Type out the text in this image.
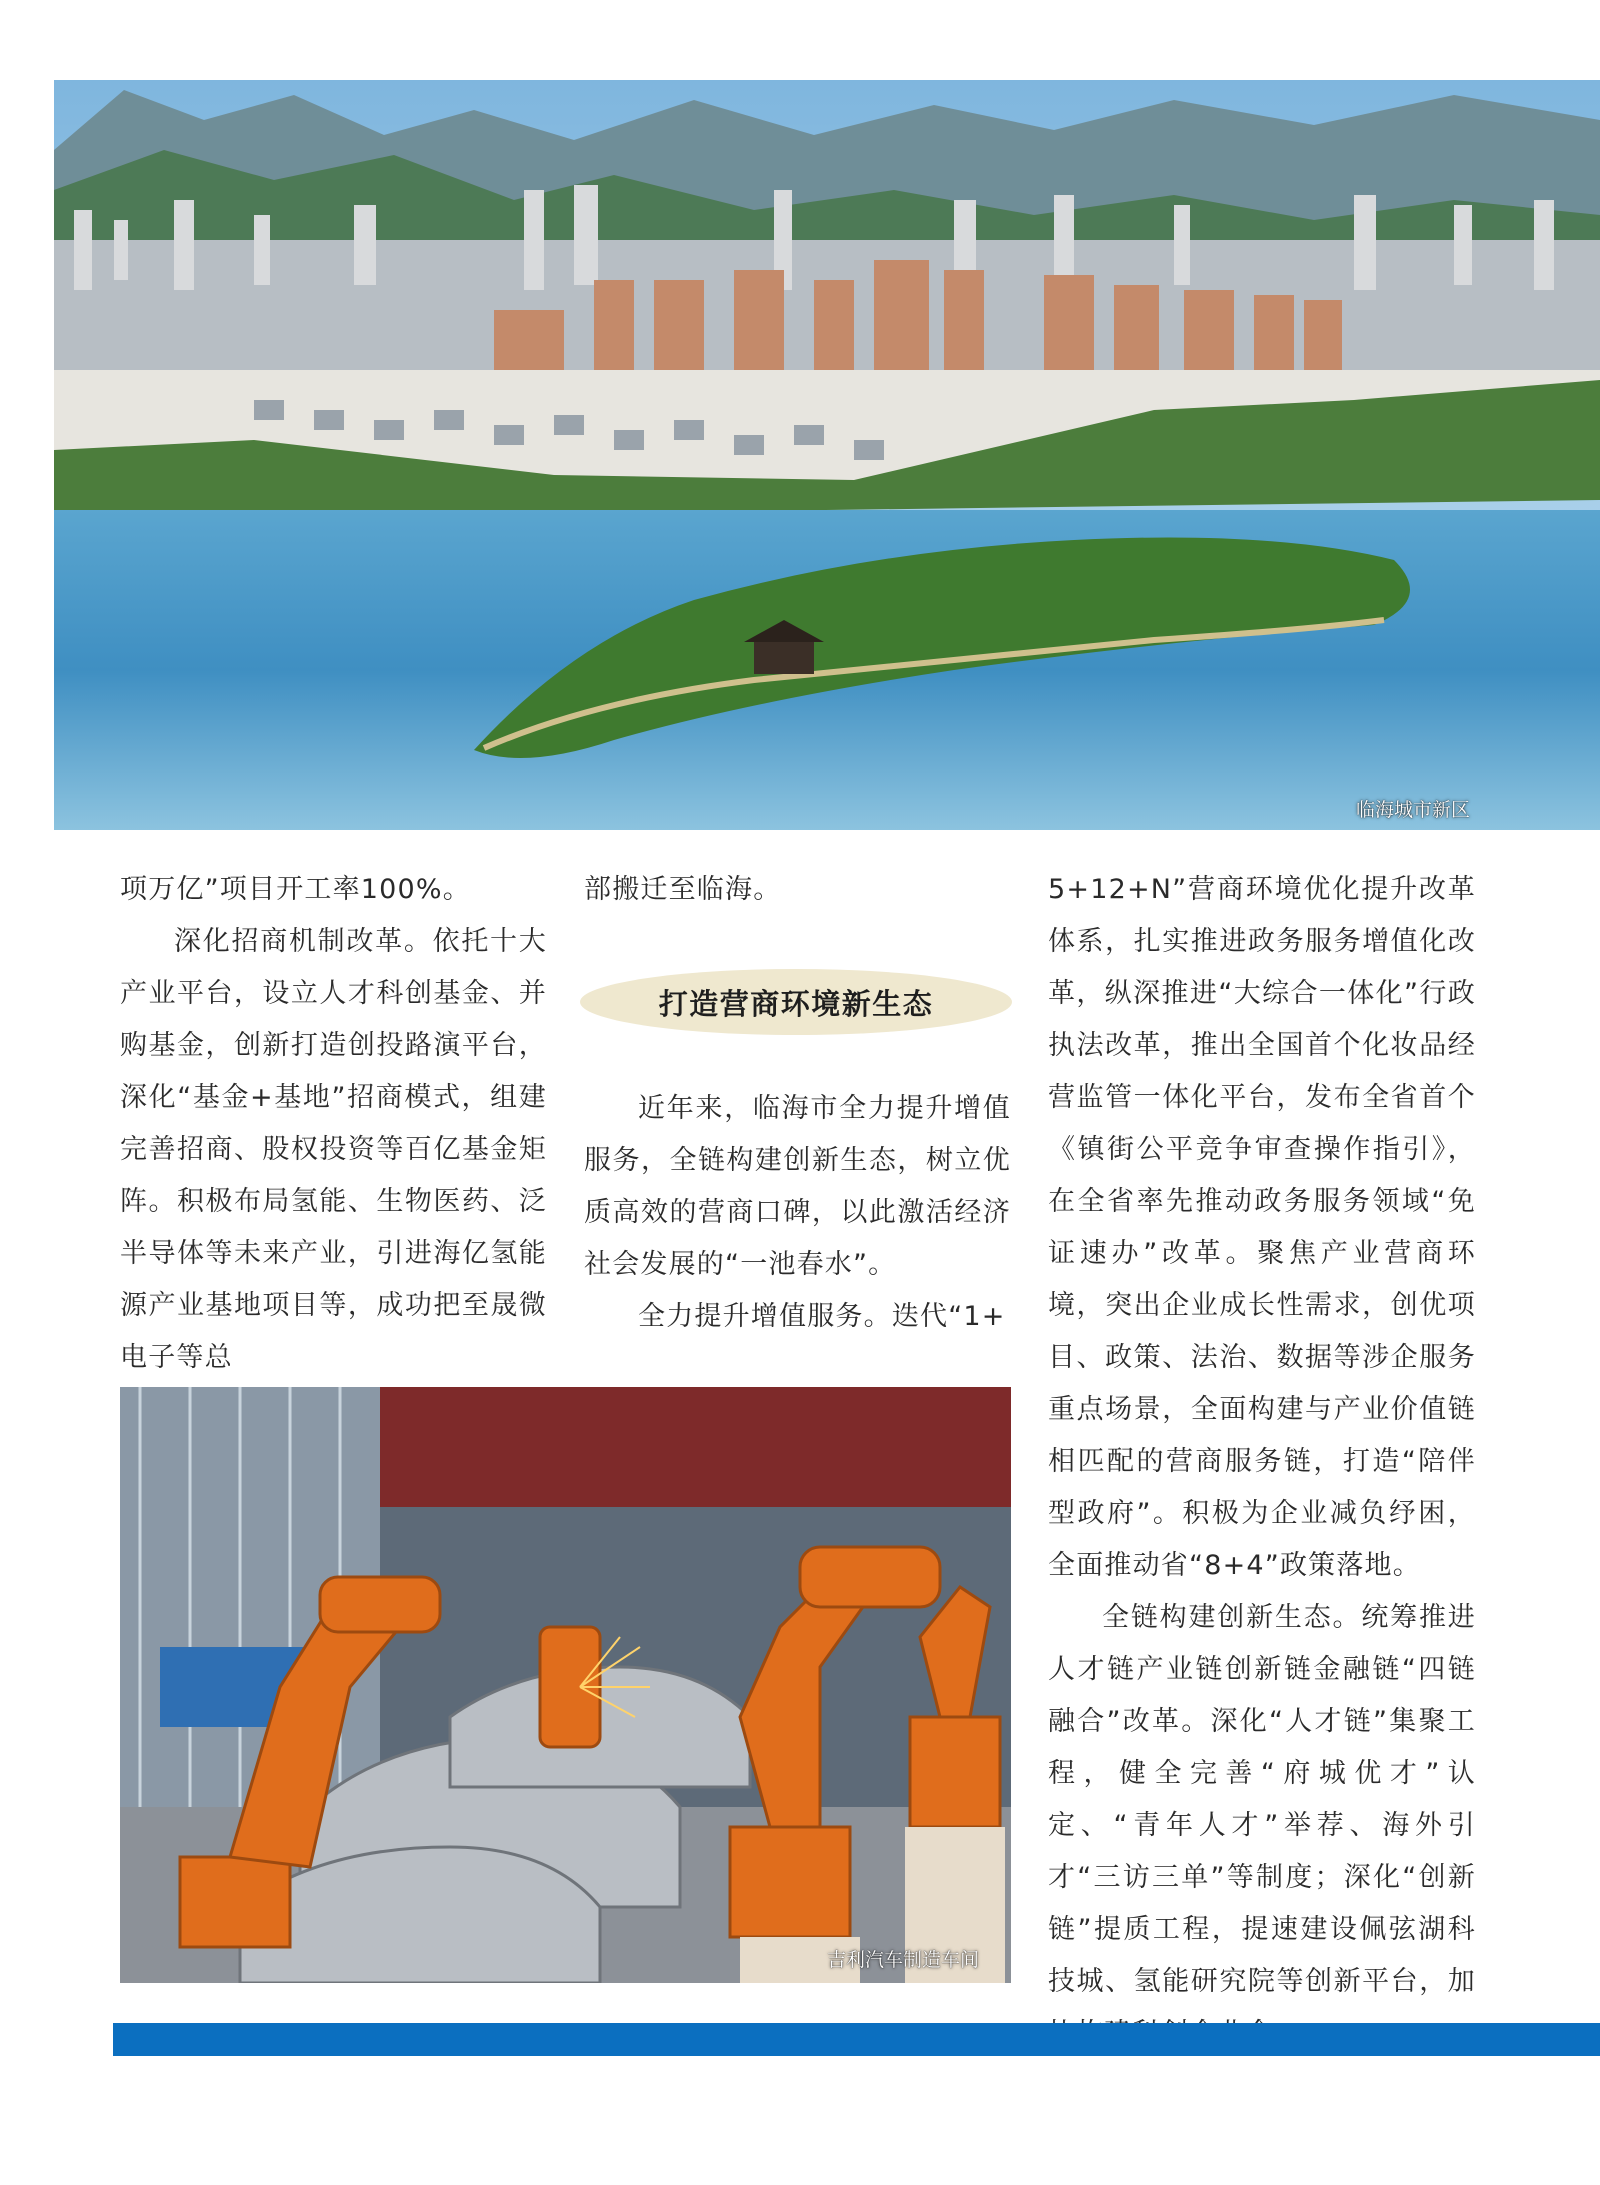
临海城市新区

项万亿”项目开工率100%。

深化招商机制改革。依托十大产业平台，设立人才科创基金、并购基金，创新打造创投路演平台，深化“基金+基地”招商模式，组建完善招商、股权投资等百亿基金矩阵。积极布局氢能、生物医药、泛半导体等未来产业，引进海亿氢能源产业基地项目等，成功把至晟微电子等总

部搬迁至临海。

打造营商环境新生态

近年来，临海市全力提升增值服务，全链构建创新生态，树立优质高效的营商口碑，以此激活经济社会发展的“一池春水”。

全力提升增值服务。迭代“1+

吉利汽车制造车间

5+12+N”营商环境优化提升改革体系，扎实推进政务服务增值化改革，纵深推进“大综合一体化”行政执法改革，推出全国首个化妆品经营监管一体化平台，发布全省首个《镇街公平竞争审查操作指引》，在全省率先推动政务服务领域“免证速办”改革。聚焦产业营商环境，突出企业成长性需求，创优项目、政策、法治、数据等涉企服务重点场景，全面构建与产业价值链相匹配的营商服务链，打造“陪伴型政府”。积极为企业减负纾困，全面推动省“8+4”政策落地。

全链构建创新生态。统筹推进人才链产业链创新链金融链“四链融合”改革。深化“人才链”集聚工程，健全完善“府城优才”认定、“青年人才”举荐、海外引才“三访三单”等制度；深化“创新链”提质工程，提速建设佩弦湖科技城、氢能研究院等创新平台，加
